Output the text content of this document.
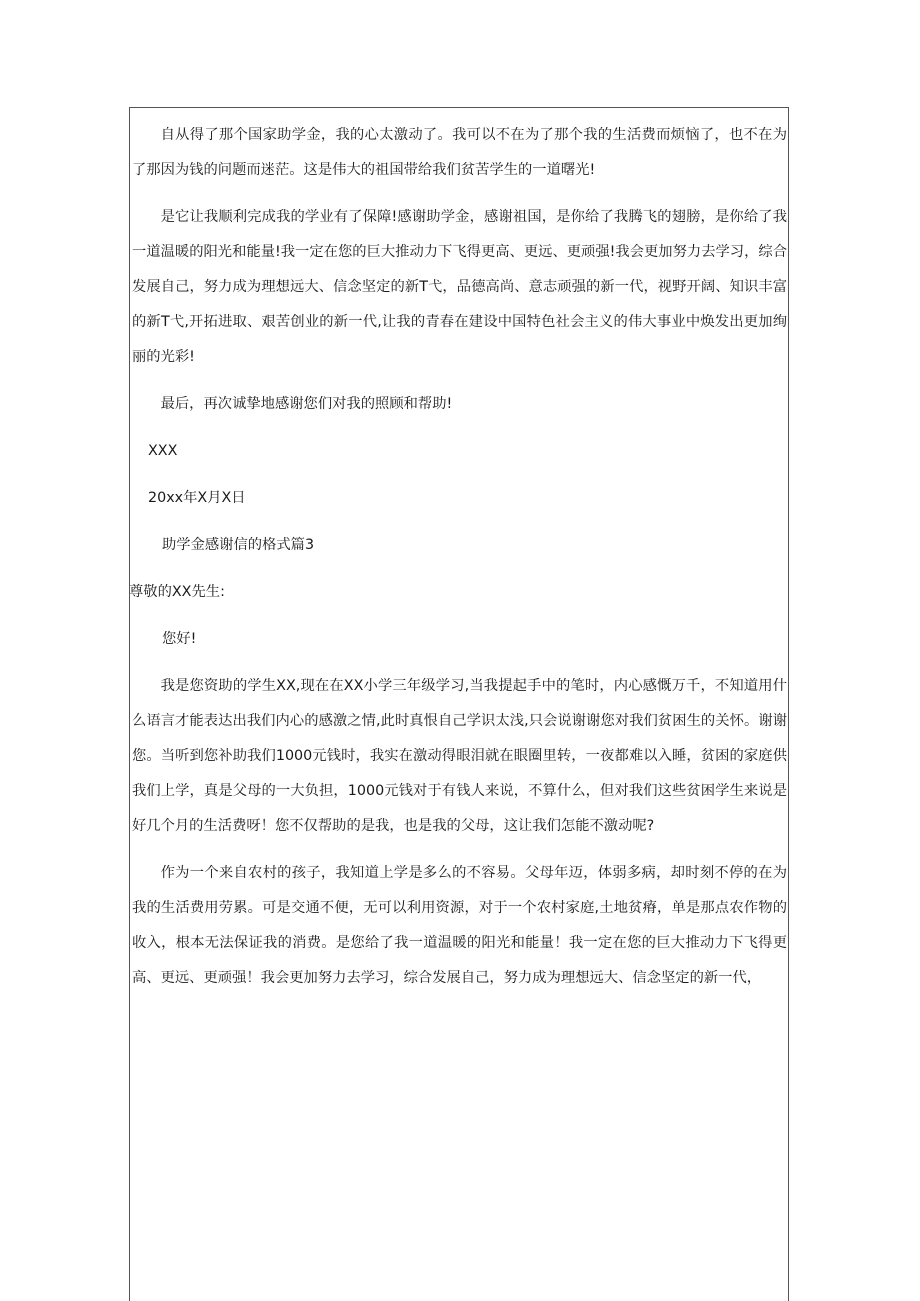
自从得了那个国家助学金，我的心太激动了。我可以不在为了那个我的生活费而烦恼了，也不在为了那因为钱的问题而迷茫。这是伟大的祖国带给我们贫苦学生的一道曙光!

是它让我顺利完成我的学业有了保障!感谢助学金，感谢祖国，是你给了我腾飞的翅膀，是你给了我一道温暖的阳光和能量!我一定在您的巨大推动力下飞得更高、更远、更顽强!我会更加努力去学习，综合发展自己，努力成为理想远大、信念坚定的新T弋，品德高尚、意志顽强的新一代，视野开阔、知识丰富的新T弋,开拓进取、艰苦创业的新一代,让我的青春在建设中国特色社会主义的伟大事业中焕发出更加绚丽的光彩!

最后，再次诚挚地感谢您们对我的照顾和帮助!

XXX

20xx年X月X日

助学金感谢信的格式篇3

尊敬的XX先生:

您好!

我是您资助的学生XX,现在在XX小学三年级学习,当我提起手中的笔时，内心感慨万千，不知道用什么语言才能表达出我们内心的感激之情,此时真恨自己学识太浅,只会说谢谢您对我们贫困生的关怀。谢谢您。当听到您补助我们1000元钱时，我实在激动得眼泪就在眼圈里转，一夜都难以入睡，贫困的家庭供我们上学，真是父母的一大负担，1000元钱对于有钱人来说，不算什么，但对我们这些贫困学生来说是好几个月的生活费呀！您不仅帮助的是我，也是我的父母，这让我们怎能不激动呢?

作为一个来自农村的孩子，我知道上学是多么的不容易。父母年迈，体弱多病，却时刻不停的在为我的生活费用劳累。可是交通不便，无可以利用资源，对于一个农村家庭,土地贫瘠，单是那点农作物的收入，根本无法保证我的消费。是您给了我一道温暖的阳光和能量！我一定在您的巨大推动力下飞得更高、更远、更顽强！我会更加努力去学习，综合发展自己，努力成为理想远大、信念坚定的新一代，
